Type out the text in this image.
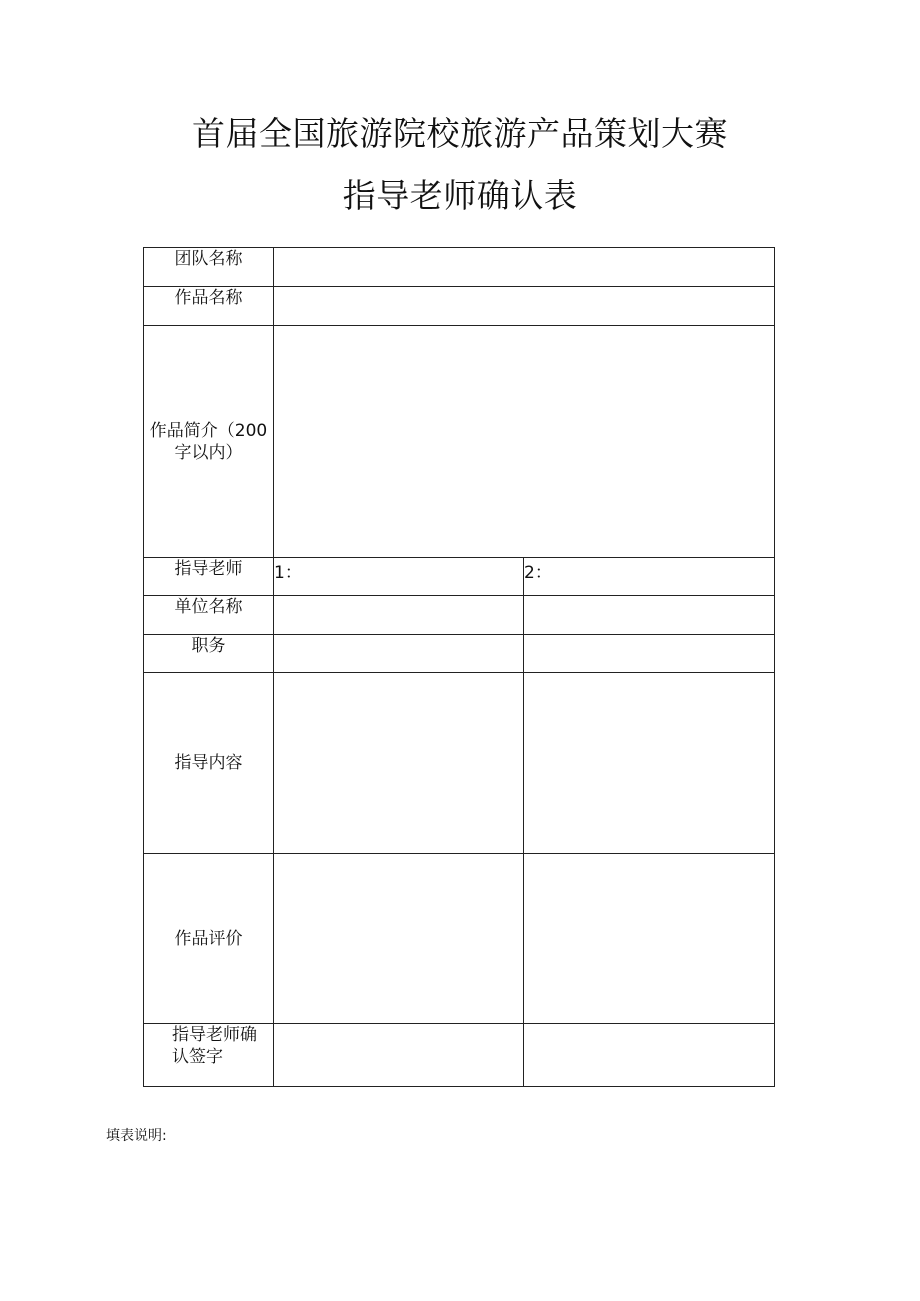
首届全国旅游院校旅游产品策划大赛
指导老师确认表
团队名称		
作品名称		
作品简介（200字以内）		
指导老师	1：	2：
单位名称		
职务		
指导内容		
作品评价		
指导老师确认签字		
填表说明:
